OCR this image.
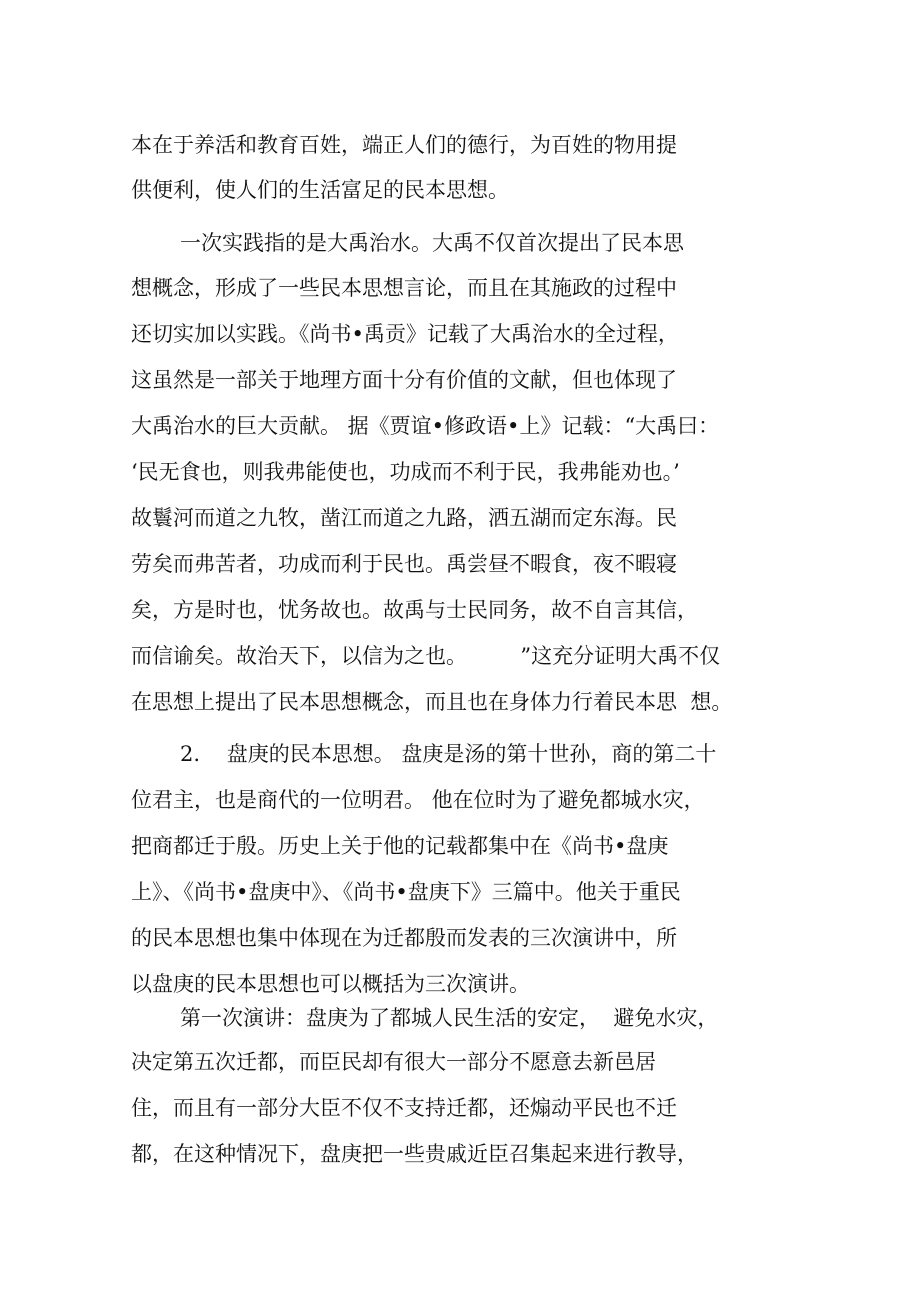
本在于养活和教育百姓，端正人们的德行，为百姓的物用提
供便利，使人们的生活富足的民本思想。
一次实践指的是大禹治水。大禹不仅首次提出了民本思
想概念，形成了一些民本思想言论，而且在其施政的过程中
还切实加以实践。《尚书•禹贡》记载了大禹治水的全过程，
这虽然是一部关于地理方面十分有价值的文献，但也体现了
大禹治水的巨大贡献。 据《贾谊•修政语•上》记载：“大禹曰：
‘民无食也，则我弗能使也，功成而不利于民，我弗能劝也。’
故鬟河而道之九牧，凿江而道之九路，洒五湖而定东海。民
劳矣而弗苦者，功成而利于民也。禹尝昼不暇食，夜不暇寝
矣，方是时也，忧务故也。故禹与士民同务，故不自言其信，
而信谕矣。故治天下，以信为之也。        ”这充分证明大禹不仅
在思想上提出了民本思想概念，而且也在身体力行着民本思  想。
2.    盘庚的民本思想。 盘庚是汤的第十世孙，商的第二十
位君主，也是商代的一位明君。 他在位时为了避免都城水灾，
把商都迁于殷。历史上关于他的记载都集中在《尚书•盘庚
上》、《尚书•盘庚中》、《尚书•盘庚下》三篇中。他关于重民
的民本思想也集中体现在为迁都殷而发表的三次演讲中，所
以盘庚的民本思想也可以概括为三次演讲。
第一次演讲：盘庚为了都城人民生活的安定，  避免水灾，
决定第五次迁都，而臣民却有很大一部分不愿意去新邑居
住，而且有一部分大臣不仅不支持迁都，还煽动平民也不迁
都，在这种情况下，盘庚把一些贵戚近臣召集起来进行教导，
